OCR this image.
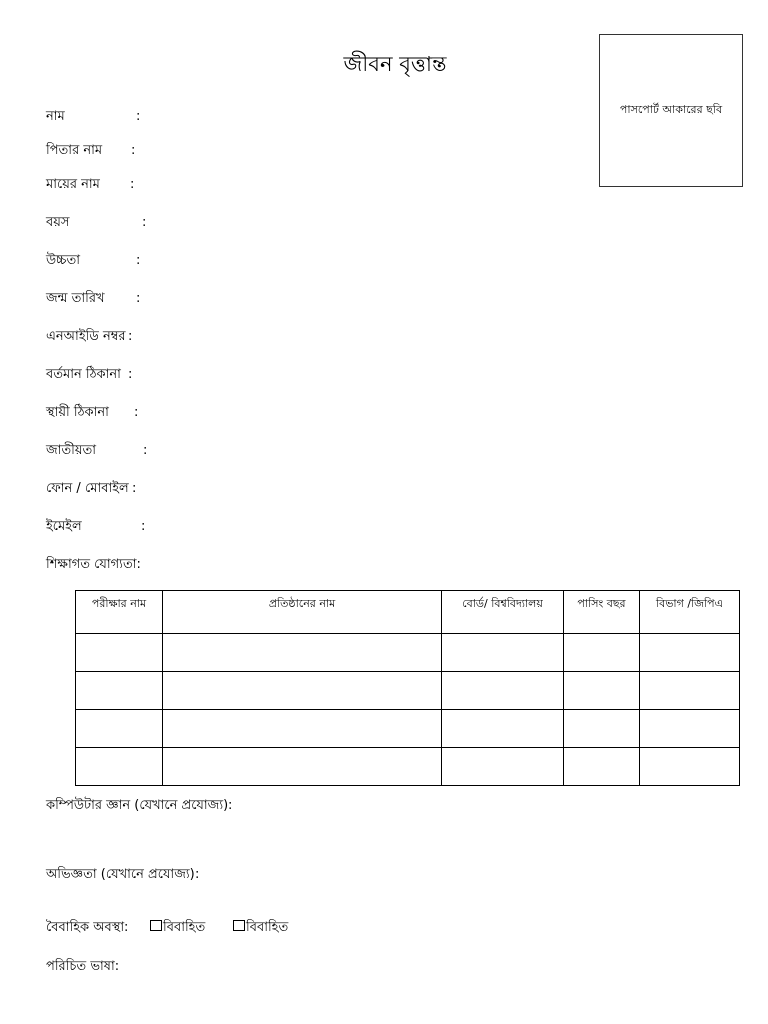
জীবন বৃত্তান্ত
পাসপোর্ট আকারের ছবি
নাম	:
পিতার নাম :
মায়ের নাম :
বয়স	:
উচ্চতা	:
জন্ম তারিখ :
এনআইডি নম্বর :
বর্তমান ঠিকানা :
স্থায়ী ঠিকানা :
জাতীয়তা	:
ফোন / মোবাইল :
ইমেইল	:
শিক্ষাগত যোগ্যতা:
পরীক্ষার নাম	প্রতিষ্ঠানের নাম	বোর্ড/ বিশ্ববিদ্যালয়	পাসিং বছর	বিভাগ /জিপিএ

কম্পিউটার জ্ঞান (যেখানে প্রযোজ্য) :
অভিজ্ঞতা (যেখানে প্রযোজ্য) :
বৈবাহিক অবস্থা :	বিবাহিত	বিবাহিত
পরিচিত ভাষা:
